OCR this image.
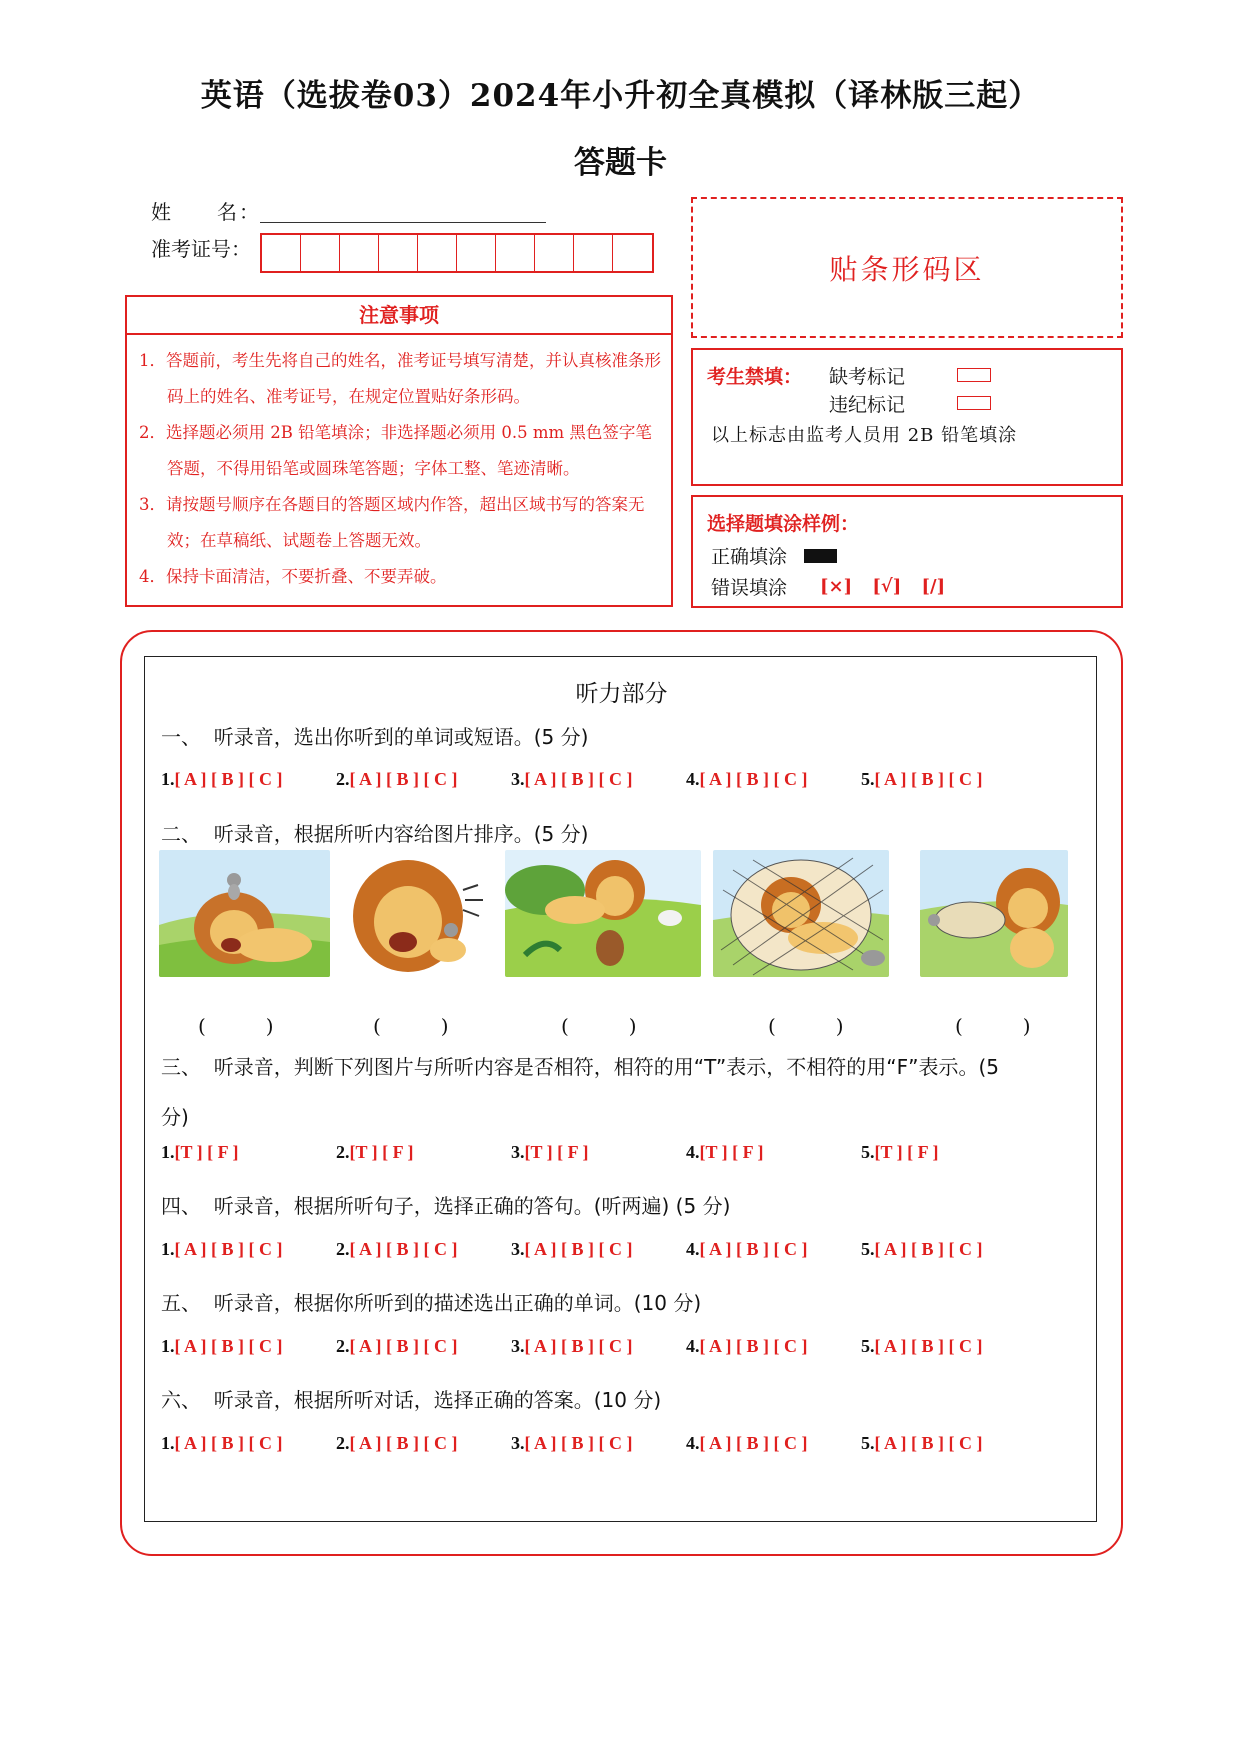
英语（选拔卷03）2024年小升初全真模拟（译林版三起）
答题卡
姓　　名：
准考证号：
注意事项
1．答题前，考生先将自己的姓名，准考证号填写清楚，并认真核准条形码上的姓名、准考证号，在规定位置贴好条形码。
2．选择题必须用 2B 铅笔填涂；非选择题必须用 0.5 mm 黑色签字笔答题，不得用铅笔或圆珠笔答题；字体工整、笔迹清晰。
3．请按题号顺序在各题目的答题区域内作答，超出区域书写的答案无效；在草稿纸、试题卷上答题无效。
4．保持卡面清洁，不要折叠、不要弄破。
贴条形码区
考生禁填： 缺考标记
违纪标记
以上标志由监考人员用 2B 铅笔填涂
选择题填涂样例：
正确填涂
错误填涂 [×] [√] [/]
听力部分
一、 听录音，选出你听到的单词或短语。(5 分)
1.[ A ] [ B ] [ C ]	2.[ A ] [ B ] [ C ]	3.[ A ] [ B ] [ C ]	4.[ A ] [ B ] [ C ]	5.[ A ] [ B ] [ C ]
二、 听录音，根据所听内容给图片排序。(5 分)
三、 听录音，判断下列图片与所听内容是否相符，相符的用“T”表示，不相符的用“F”表示。(5
分)
1.[T ] [ F ]	2.[T ] [ F ]	3.[T ] [ F ]	4.[T ] [ F ]	5.[T ] [ F ]
四、 听录音，根据所听句子，选择正确的答句。(听两遍) (5 分)
1.[ A ] [ B ] [ C ]	2.[ A ] [ B ] [ C ]	3.[ A ] [ B ] [ C ]	4.[ A ] [ B ] [ C ]	5.[ A ] [ B ] [ C ]
五、 听录音，根据你所听到的描述选出正确的单词。(10 分)
1.[ A ] [ B ] [ C ]	2.[ A ] [ B ] [ C ]	3.[ A ] [ B ] [ C ]	4.[ A ] [ B ] [ C ]	5.[ A ] [ B ] [ C ]
六、 听录音，根据所听对话，选择正确的答案。(10 分)
1.[ A ] [ B ] [ C ]	2.[ A ] [ B ] [ C ]	3.[ A ] [ B ] [ C ]	4.[ A ] [ B ] [ C ]	5.[ A ] [ B ] [ C ]
(　　　)	(　　　)	(　　　)	(　　　)	(　　　)
